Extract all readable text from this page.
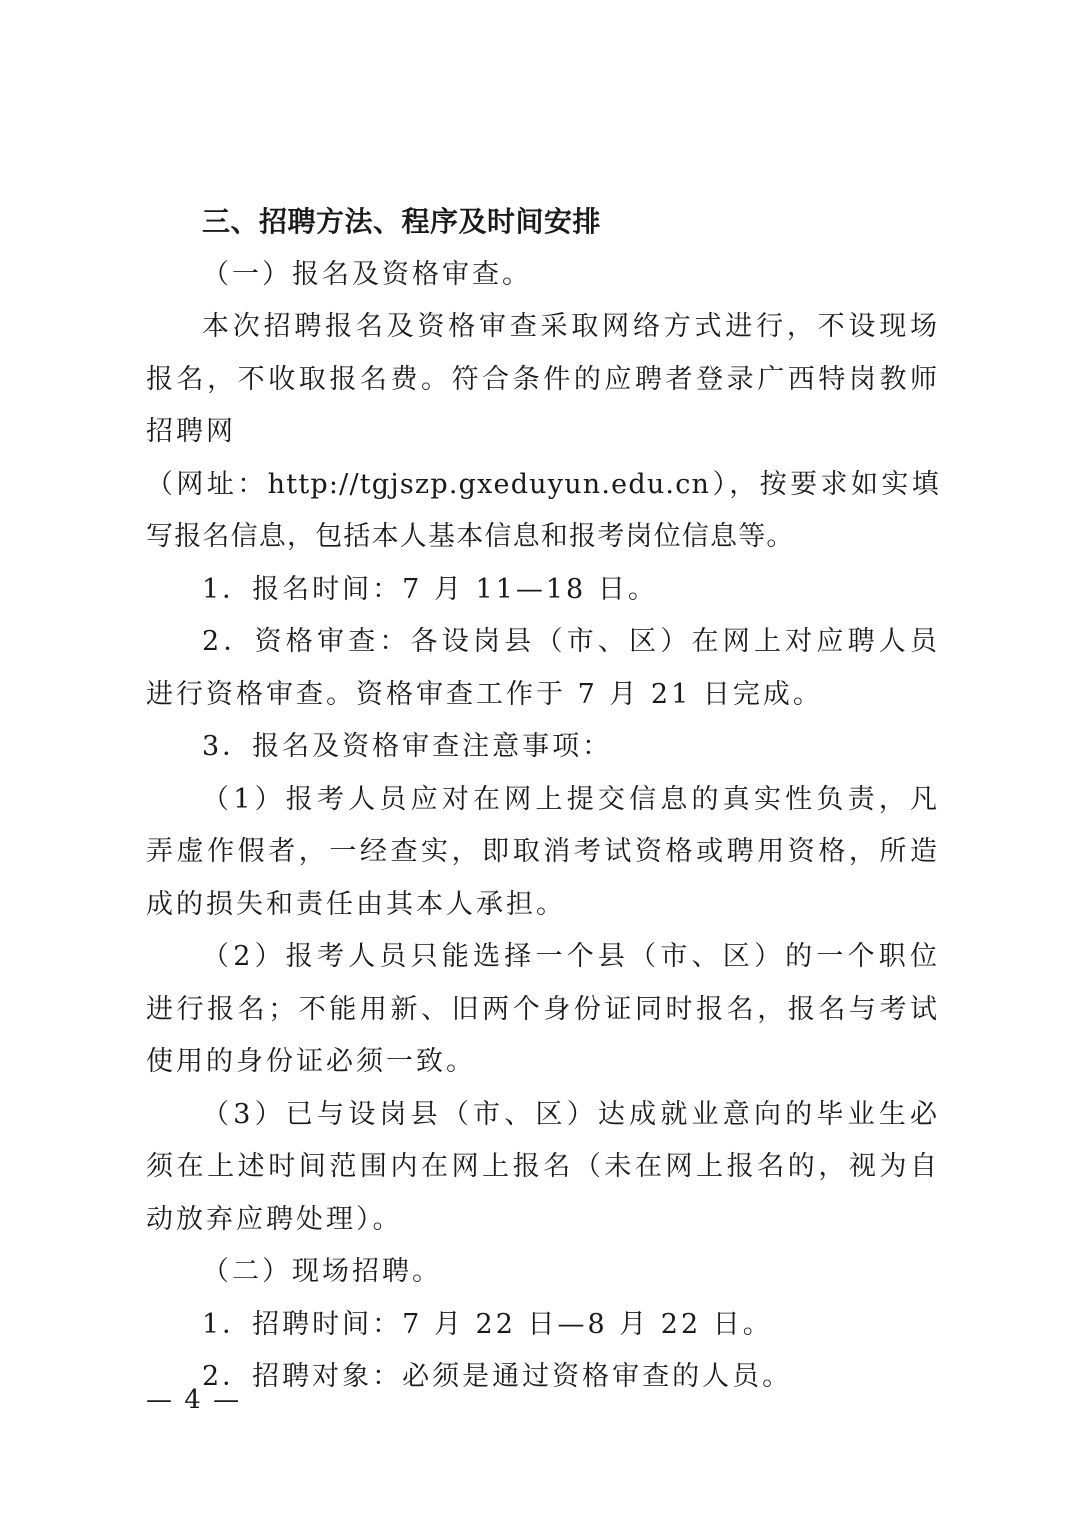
三、招聘方法、程序及时间安排

（一）报名及资格审查。

本次招聘报名及资格审查采取网络方式进行，不设现场报名，不收取报名费。符合条件的应聘者登录广西特岗教师招聘网

（网址：http://tgjszp.gxeduyun.edu.cn），按要求如实填写报名信息，包括本人基本信息和报考岗位信息等。

1．报名时间：7 月 11—18 日。

2．资格审查：各设岗县（市、区）在网上对应聘人员进行资格审查。资格审查工作于 7 月 21 日完成。

3．报名及资格审查注意事项：

（1）报考人员应对在网上提交信息的真实性负责，凡弄虚作假者，一经查实，即取消考试资格或聘用资格，所造成的损失和责任由其本人承担。

（2）报考人员只能选择一个县（市、区）的一个职位进行报名；不能用新、旧两个身份证同时报名，报名与考试使用的身份证必须一致。

（3）已与设岗县（市、区）达成就业意向的毕业生必须在上述时间范围内在网上报名（未在网上报名的，视为自动放弃应聘处理）。

（二）现场招聘。

1．招聘时间：7 月 22 日—8 月 22 日。

2．招聘对象：必须是通过资格审查的人员。

— 4 —
